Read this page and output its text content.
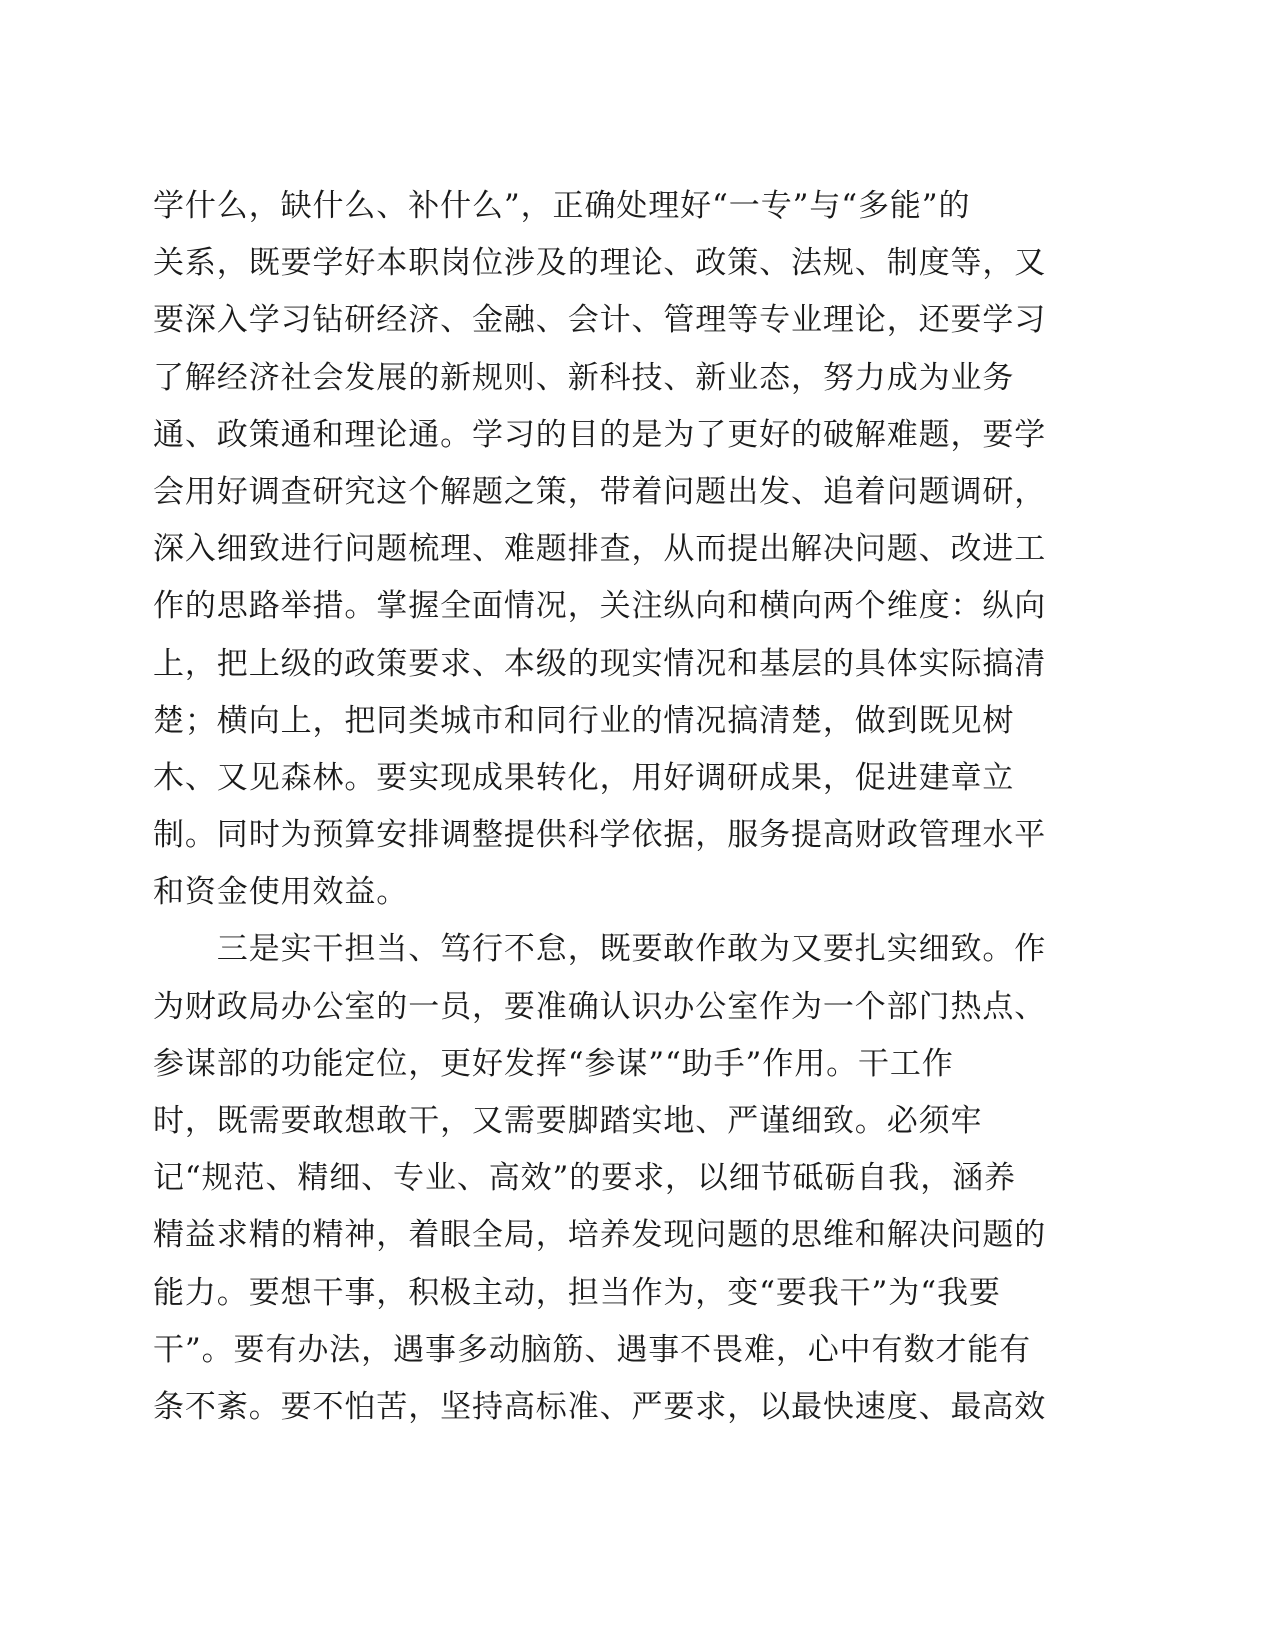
学什么，缺什么、补什么”，正确处理好“一专”与“多能”的
关系，既要学好本职岗位涉及的理论、政策、法规、制度等，又
要深入学习钻研经济、金融、会计、管理等专业理论，还要学习
了解经济社会发展的新规则、新科技、新业态，努力成为业务
通、政策通和理论通。学习的目的是为了更好的破解难题，要学
会用好调查研究这个解题之策，带着问题出发、追着问题调研，
深入细致进行问题梳理、难题排查，从而提出解决问题、改进工
作的思路举措。掌握全面情况，关注纵向和横向两个维度：纵向
上，把上级的政策要求、本级的现实情况和基层的具体实际搞清
楚；横向上，把同类城市和同行业的情况搞清楚，做到既见树
木、又见森林。要实现成果转化，用好调研成果，促进建章立
制。同时为预算安排调整提供科学依据，服务提高财政管理水平
和资金使用效益。
　　三是实干担当、笃行不怠，既要敢作敢为又要扎实细致。作
为财政局办公室的一员，要准确认识办公室作为一个部门热点、
参谋部的功能定位，更好发挥“参谋”“助手”作用。干工作
时，既需要敢想敢干，又需要脚踏实地、严谨细致。必须牢
记“规范、精细、专业、高效”的要求，以细节砥砺自我，涵养
精益求精的精神，着眼全局，培养发现问题的思维和解决问题的
能力。要想干事，积极主动，担当作为，变“要我干”为“我要
干”。要有办法，遇事多动脑筋、遇事不畏难，心中有数才能有
条不紊。要不怕苦，坚持高标准、严要求，以最快速度、最高效
